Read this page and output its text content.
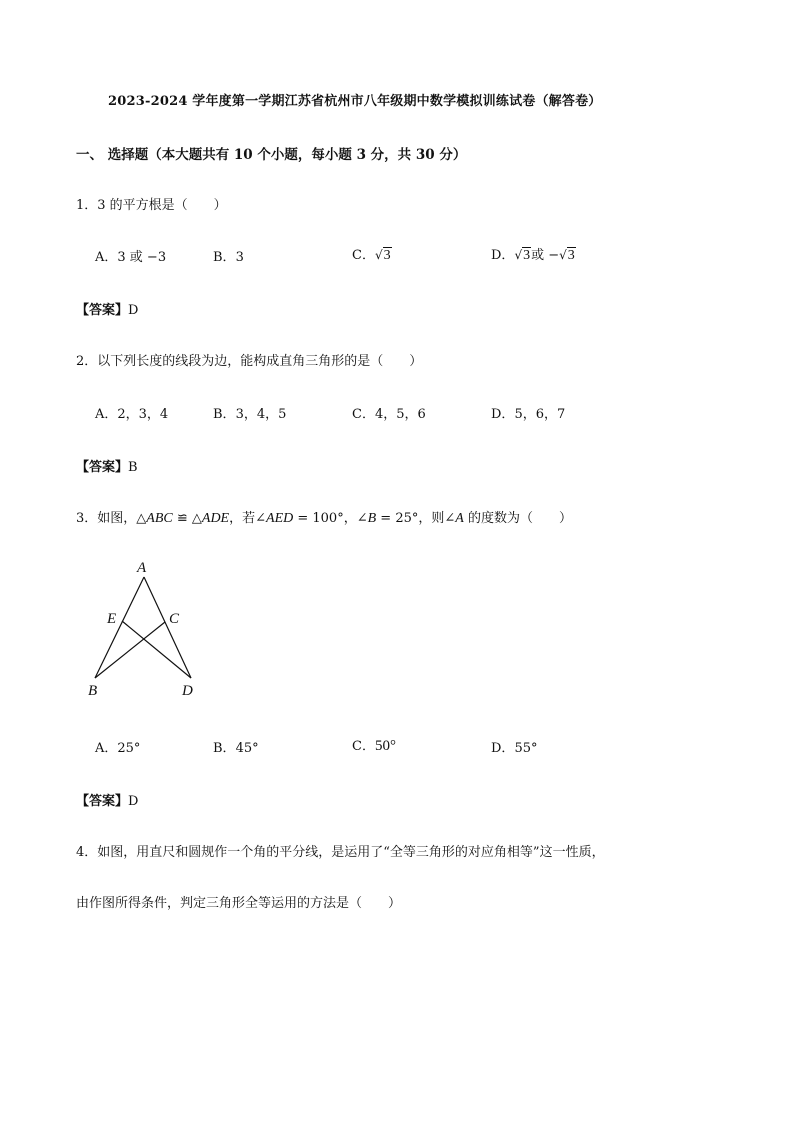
2023-2024 学年度第一学期江苏省杭州市八年级期中数学模拟训练试卷（解答卷）
一、 选择题（本大题共有 10 个小题，每小题 3 分，共 30 分）
1．3 的平方根是（　　）
A．3 或 −3	B．3	C．√3	D．√3或 −√3
【答案】D
2．以下列长度的线段为边，能构成直角三角形的是（　　）
A．2，3，4	B．3，4，5	C．4，5，6	D．5，6，7
【答案】B
3．如图，△ABC ≌ △ADE，若∠AED = 100°，∠B = 25°，则∠A 的度数为（　　）
A
E	C
B	D
A．25°	B．45°	C．50°	D．55°
【答案】D
4．如图，用直尺和圆规作一个角的平分线，是运用了“全等三角形的对应角相等”这一性质，
由作图所得条件，判定三角形全等运用的方法是（　　）
